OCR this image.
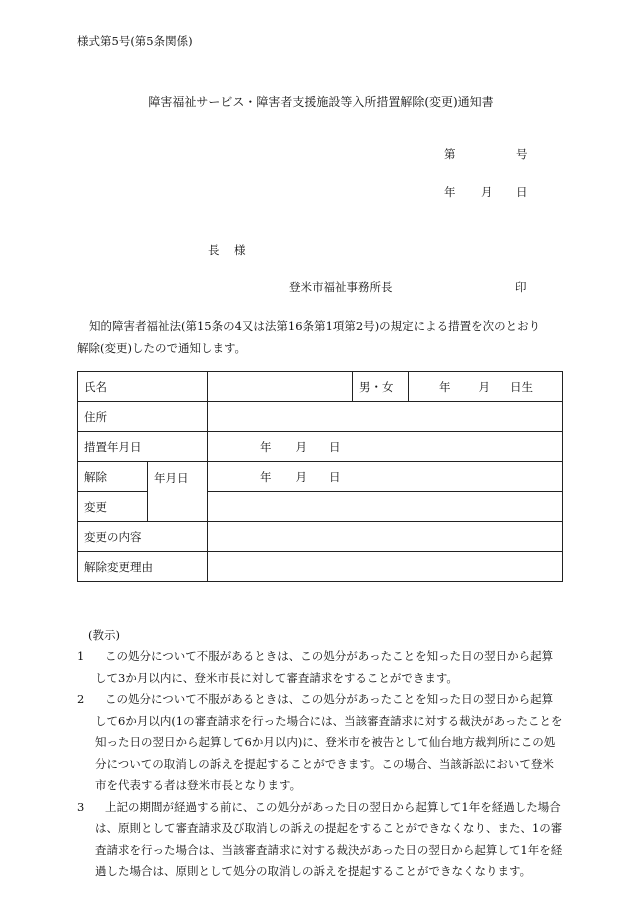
様式第5号(第5条関係)
障害福祉サービス・障害者支援施設等入所措置解除(変更)通知書
第	号
年 月 日
長 様
登米市福祉事務所長	印
知的障害者福祉法(第15条の4又は法第16条第1項第2号)の規定による措置を次のとおり
解除(変更)したので通知します。
氏名			男・女	年 月 日生
住所				
措置年月日		年 月 日		
解除	年月日	年 月 日		
変更				
変更の内容				
解除変更理由				
(教示)

1	この処分について不服があるときは、この処分があったことを知った日の翌日から起算して3か月以内に、登米市長に対して審査請求をすることができます。

2	この処分について不服があるときは、この処分があったことを知った日の翌日から起算して6か月以内(1の審査請求を行った場合には、当該審査請求に対する裁決があったことを知った日の翌日から起算して6か月以内)に、登米市を被告として仙台地方裁判所にこの処分についての取消しの訴えを提起することができます。この場合、当該訴訟において登米市を代表する者は登米市長となります。

3	上記の期間が経過する前に、この処分があった日の翌日から起算して1年を経過した場合は、原則として審査請求及び取消しの訴えの提起をすることができなくなり、また、1の審査請求を行った場合は、当該審査請求に対する裁決があった日の翌日から起算して1年を経過した場合は、原則として処分の取消しの訴えを提起することができなくなります。
